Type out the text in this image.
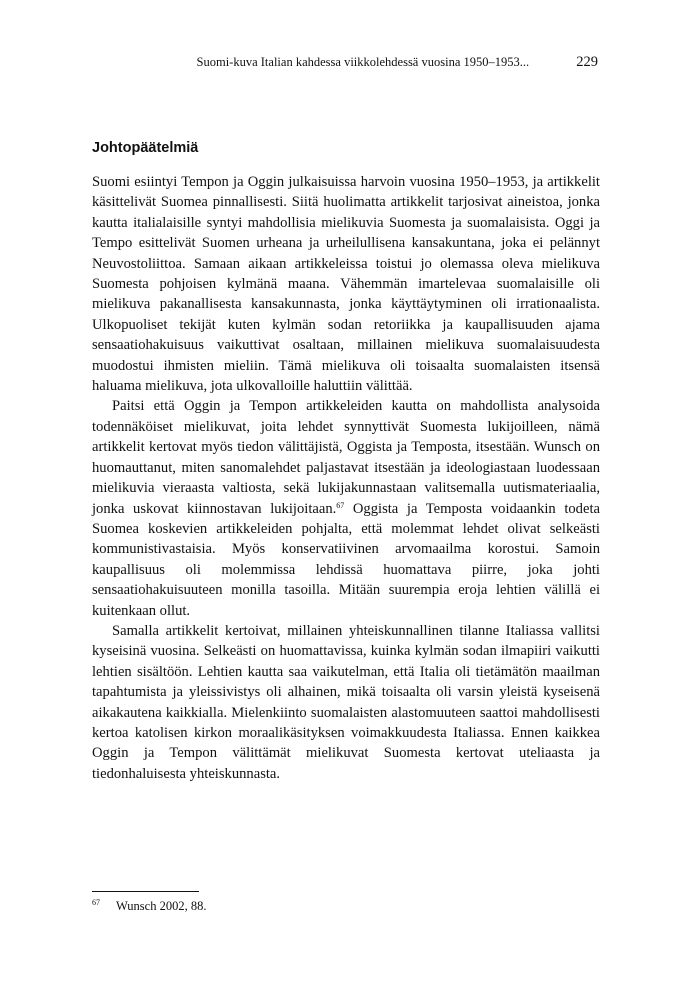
Suomi-kuva Italian kahdessa viikkolehdessä vuosina 1950–1953...	229
Johtopäätelmiä

Suomi esiintyi Tempon ja Oggin julkaisuissa harvoin vuosina 1950–1953, ja artikkelit käsittelivät Suomea pinnallisesti. Siitä huolimatta artikkelit tarjosivat aineistoa, jonka kautta italialaisille syntyi mahdollisia mielikuvia Suomesta ja suomalaisista. Oggi ja Tempo esittelivät Suomen urheana ja urheilullisena kansakuntana, joka ei pelännyt Neuvostoliittoa. Samaan aikaan artikkeleissa toistui jo olemassa oleva mielikuva Suomesta pohjoisen kylmänä maana. Vähemmän imartelevaa suomalaisille oli mielikuva pakanallisesta kansakunnasta, jonka käyttäytyminen oli irrationaalista. Ulkopuoliset tekijät kuten kylmän sodan retoriikka ja kaupallisuuden ajama sensaatiohakuisuus vaikuttivat osaltaan, millainen mielikuva suomalaisuudesta muodostui ihmisten mieliin. Tämä mielikuva oli toisaalta suomalaisten itsensä haluama mielikuva, jota ulkovalloille haluttiin välittää.

Paitsi että Oggin ja Tempon artikkeleiden kautta on mahdollista analysoida todennäköiset mielikuvat, joita lehdet synnyttivät Suomesta lukijoilleen, nämä artikkelit kertovat myös tiedon välittäjistä, Oggista ja Temposta, itsestään. Wunsch on huomauttanut, miten sanomalehdet paljastavat itsestään ja ideologiastaan luodessaan mielikuvia vieraasta valtiosta, sekä lukijakunnastaan valitsemalla uutismateriaalia, jonka uskovat kiinnostavan lukijoitaan.$^{67}$ Oggista ja Temposta voidaankin todeta Suomea koskevien artikkeleiden pohjalta, että molemmat lehdet olivat selkeästi kommunistivastaisia. Myös konservatiivinen arvomaailma korostui. Samoin kaupallisuus oli molemmissa lehdissä huomattava piirre, joka johti sensaatiohakuisuuteen monilla tasoilla. Mitään suurempia eroja lehtien välillä ei kuitenkaan ollut.

Samalla artikkelit kertoivat, millainen yhteiskunnallinen tilanne Italiassa vallitsi kyseisinä vuosina. Selkeästi on huomattavissa, kuinka kylmän sodan ilmapiiri vaikutti lehtien sisältöön. Lehtien kautta saa vaikutelman, että Italia oli tietämätön maailman tapahtumista ja yleissivistys oli alhainen, mikä toisaalta oli varsin yleistä kyseisenä aikakautena kaikkialla. Mielenkiinto suomalaisten alastomuuteen saattoi mahdollisesti kertoa katolisen kirkon moraalikäsityksen voimakkuudesta Italiassa. Ennen kaikkea Oggin ja Tempon välittämät mielikuvat Suomesta kertovat uteliaasta ja tiedonhaluisesta yhteiskunnasta.

67 Wunsch 2002, 88.
